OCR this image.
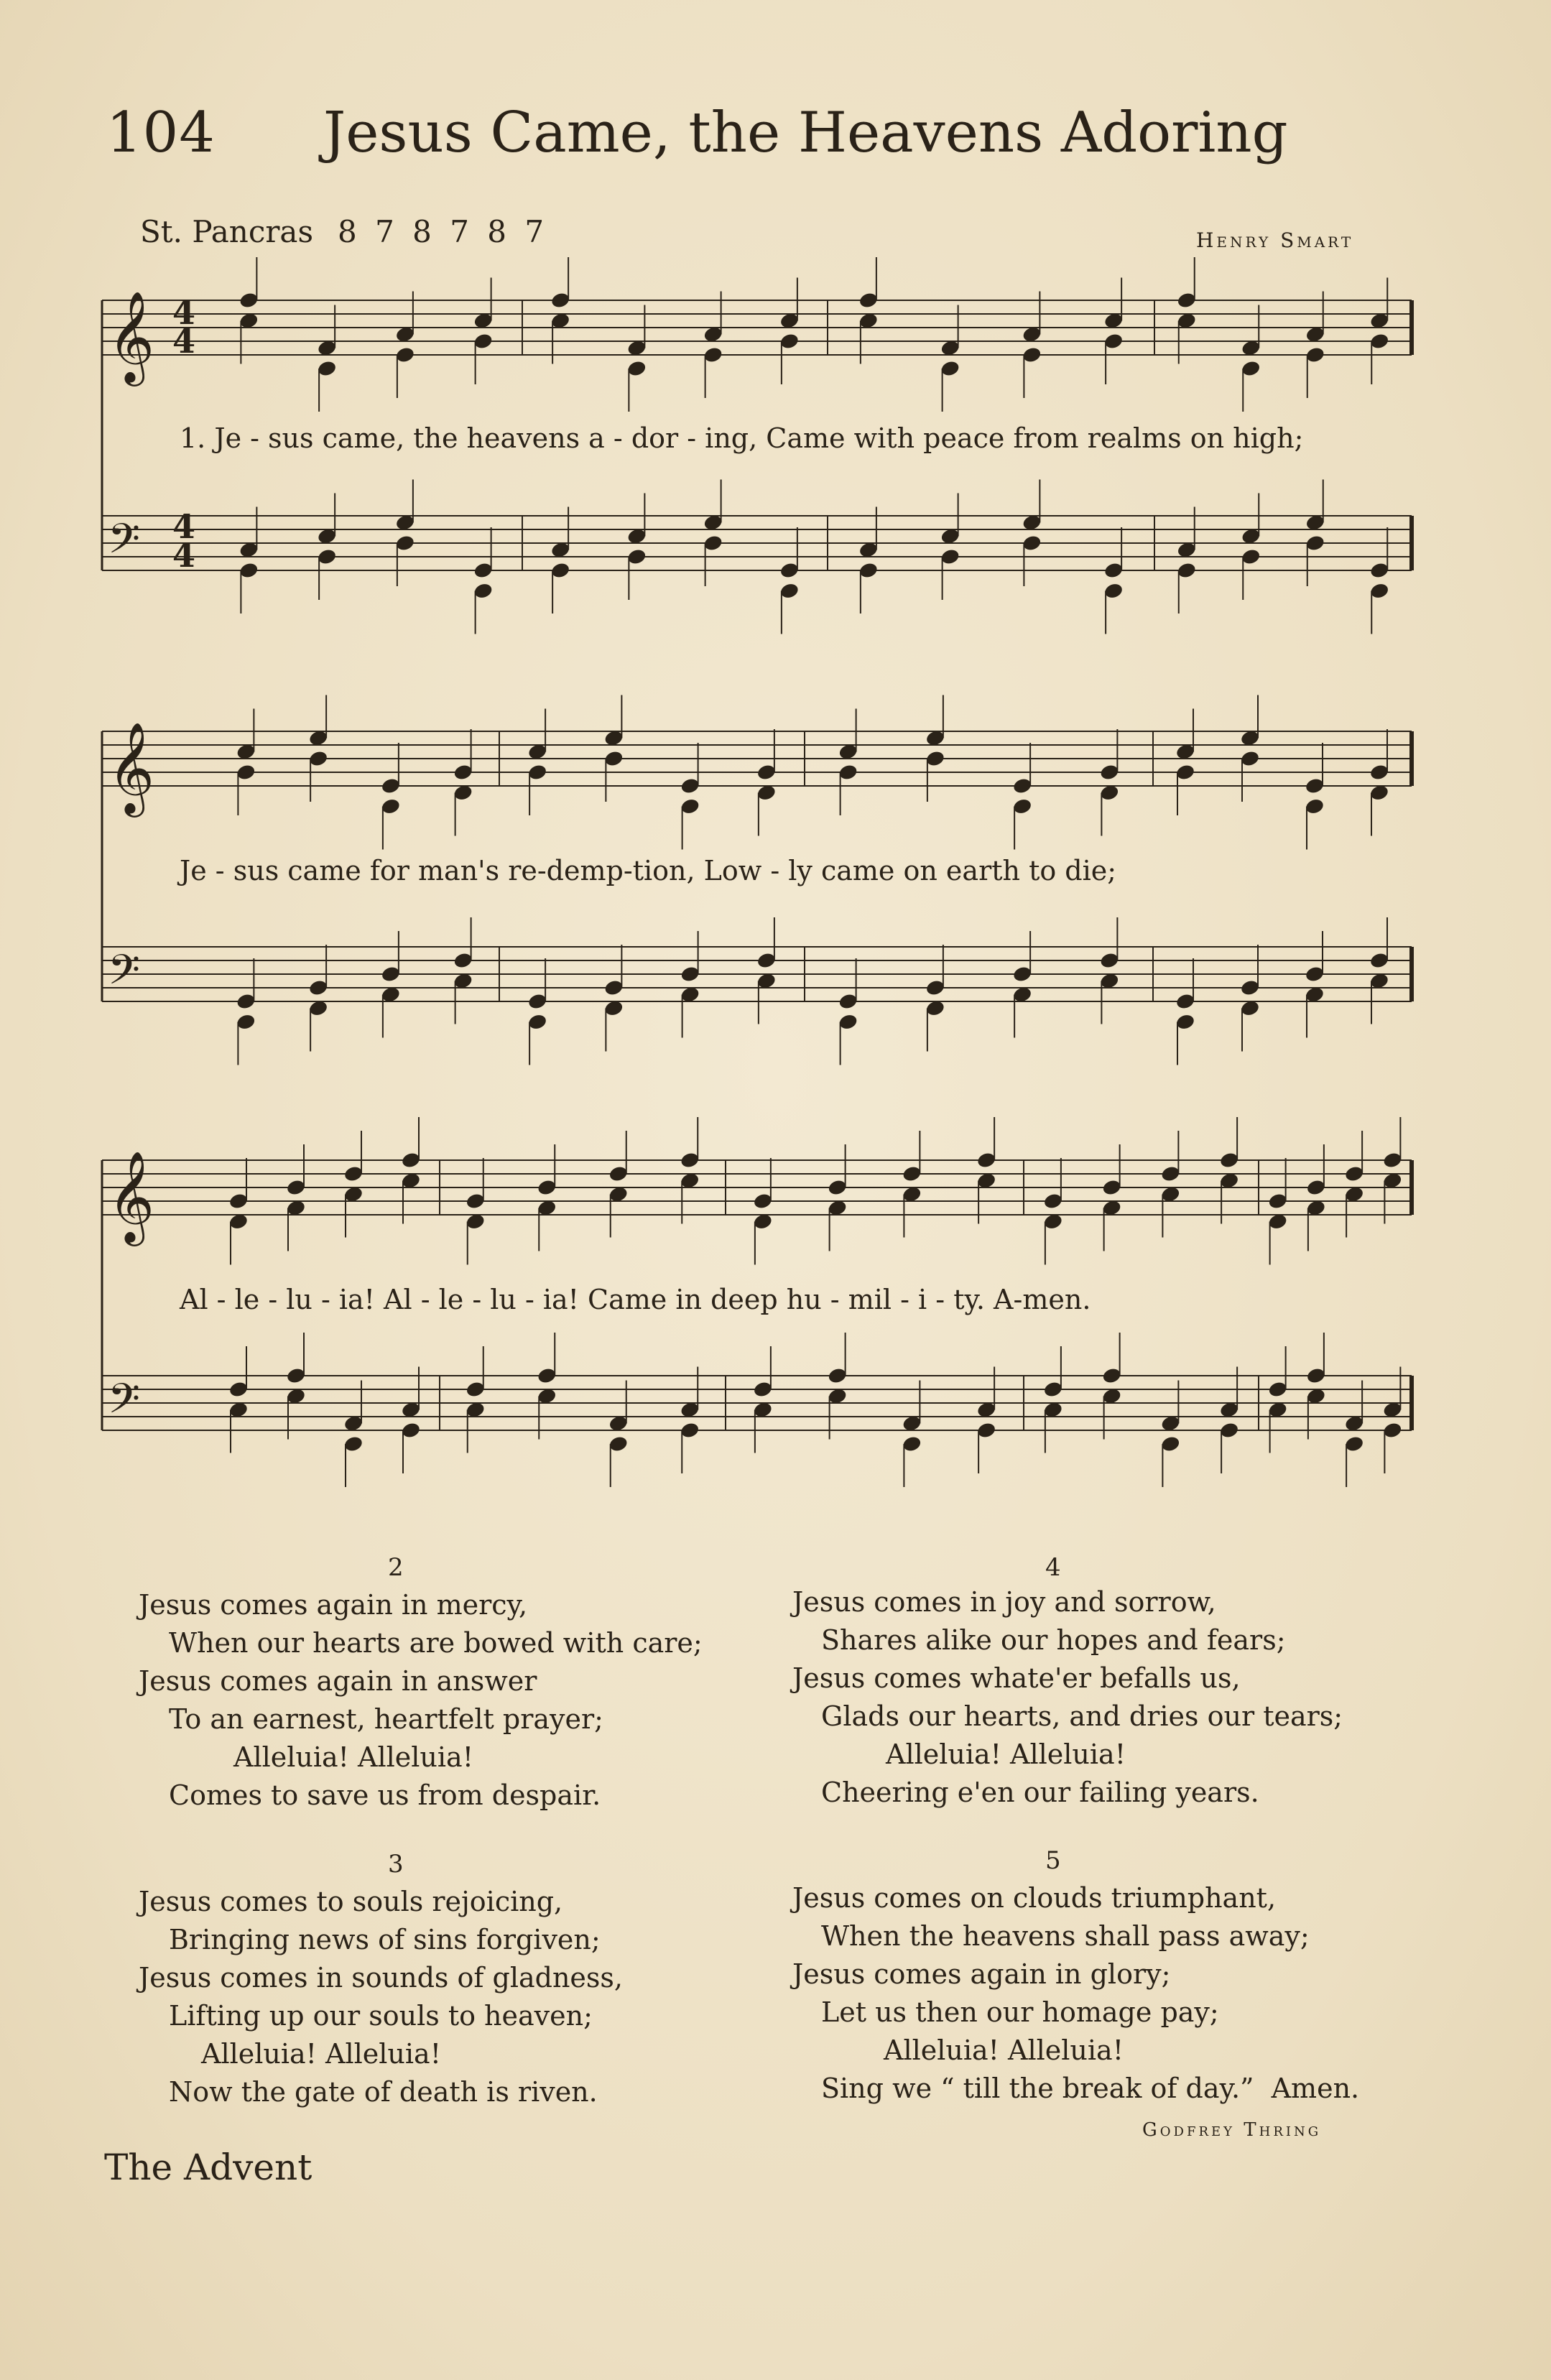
104 Jesus Came, the Heavens Adoring
St. Pancras 8 7 8 7 8 7	Henry Smart
𝄞
𝄢
𝄞
𝄢
𝄞
𝄢
4 4
4 4
1. Je - sus came, the heavens a - dor - ing, Came with peace from realms on high;
Je - sus came for man's re-demp-tion, Low - ly came on earth to die;
Al - le - lu - ia! Al - le - lu - ia! Came in deep hu - mil - i - ty. A-men.
2
Jesus comes again in mercy,
When our hearts are bowed with care;
Jesus comes again in answer
To an earnest, heartfelt prayer;
Alleluia! Alleluia!
Comes to save us from despair.
3
Jesus comes to souls rejoicing,
Bringing news of sins forgiven;
Jesus comes in sounds of gladness,
Lifting up our souls to heaven;
Alleluia! Alleluia!
Now the gate of death is riven.
4
Jesus comes in joy and sorrow,
Shares alike our hopes and fears;
Jesus comes whate'er befalls us,
Glads our hearts, and dries our tears;
Alleluia! Alleluia!
Cheering e'en our failing years.
5
Jesus comes on clouds triumphant,
When the heavens shall pass away;
Jesus comes again in glory;
Let us then our homage pay;
Alleluia! Alleluia!
Sing we “ till the break of day.”  Amen.
Godfrey Thring
The Advent
